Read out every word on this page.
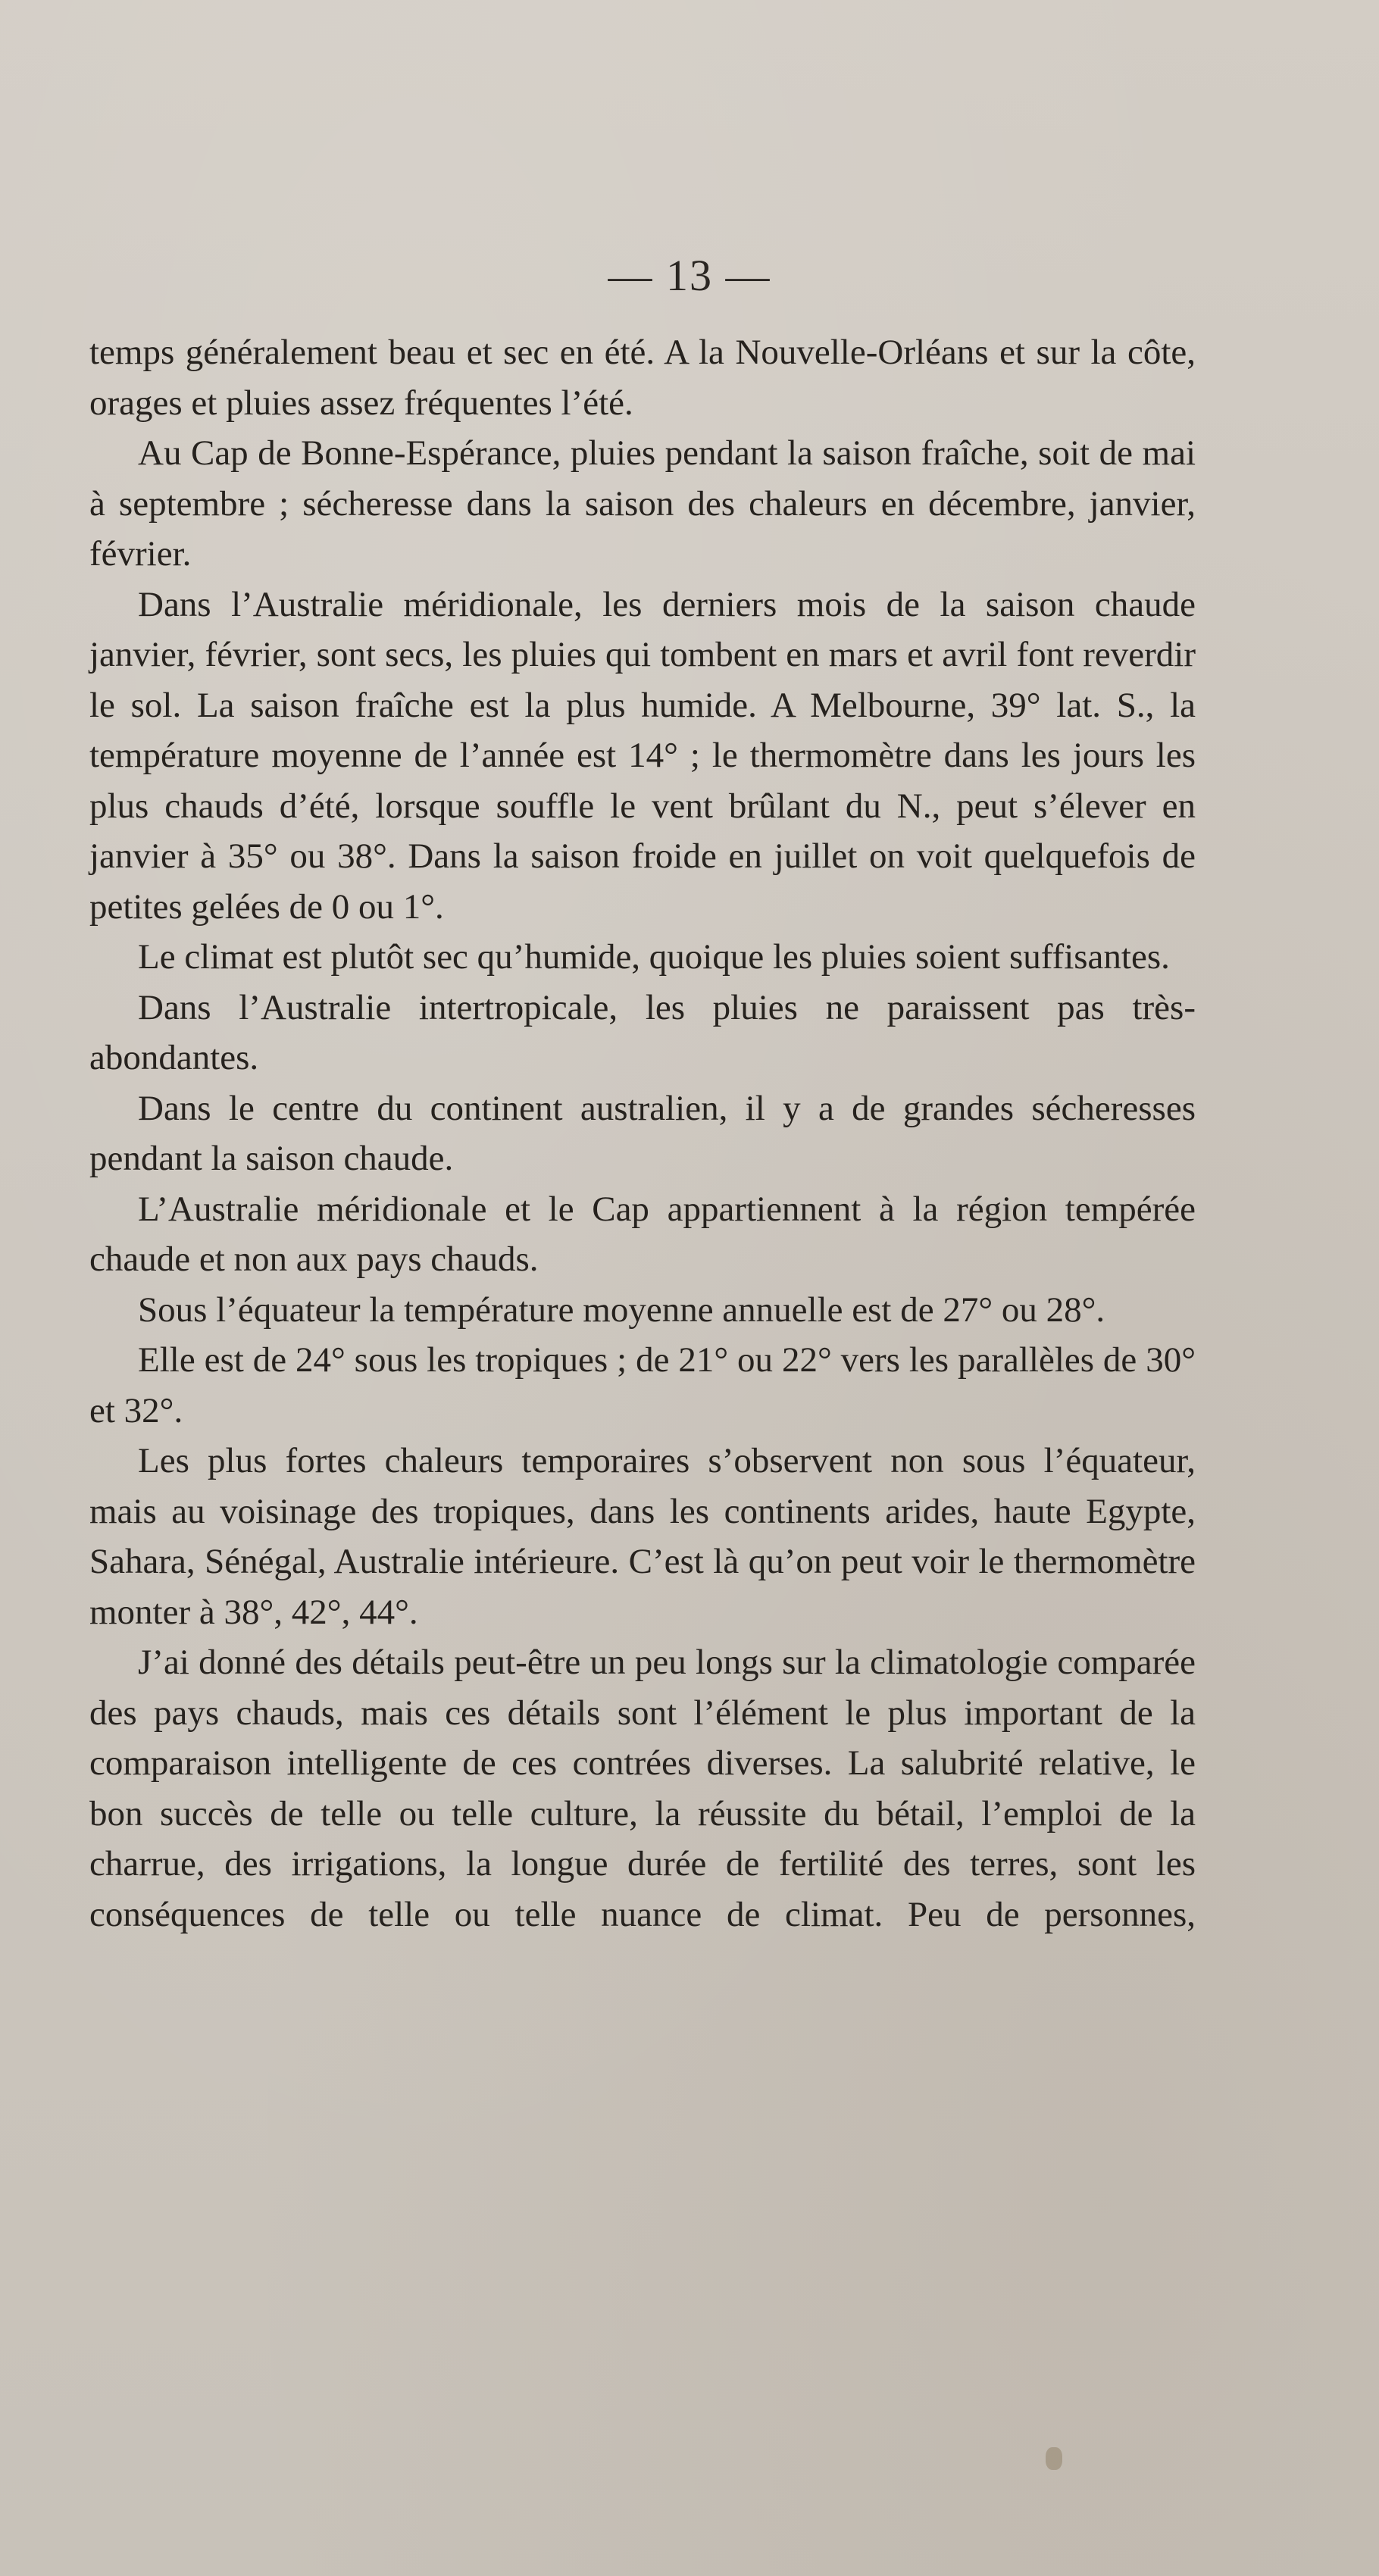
— 13 —

temps généralement beau et sec en été. A la Nouvelle-Orléans et sur la côte, orages et pluies assez fréquentes l’été.

Au Cap de Bonne-Espérance, pluies pendant la saison fraîche, soit de mai à septembre ; sécheresse dans la saison des chaleurs en décembre, janvier, février.

Dans l’Australie méridionale, les derniers mois de la saison chaude janvier, février, sont secs, les pluies qui tombent en mars et avril font reverdir le sol. La saison fraîche est la plus humide. A Melbourne, 39° lat. S., la température moyenne de l’année est 14° ; le thermomètre dans les jours les plus chauds d’été, lorsque souffle le vent brûlant du N., peut s’élever en janvier à 35° ou 38°. Dans la saison froide en juillet on voit quelquefois de petites gelées de 0 ou 1°.

Le climat est plutôt sec qu’humide, quoique les pluies soient suffisantes.

Dans l’Australie intertropicale, les pluies ne paraissent pas très-abondantes.

Dans le centre du continent australien, il y a de grandes sécheresses pendant la saison chaude.

L’Australie méridionale et le Cap appartiennent à la région tempérée chaude et non aux pays chauds.

Sous l’équateur la température moyenne annuelle est de 27° ou 28°.

Elle est de 24° sous les tropiques ; de 21° ou 22° vers les parallèles de 30° et 32°.

Les plus fortes chaleurs temporaires s’observent non sous l’équateur, mais au voisinage des tropiques, dans les continents arides, haute Egypte, Sahara, Sénégal, Australie intérieure. C’est là qu’on peut voir le thermomètre monter à 38°, 42°, 44°.

J’ai donné des détails peut-être un peu longs sur la climatologie comparée des pays chauds, mais ces détails sont l’élément le plus important de la comparaison intelligente de ces contrées diverses. La salubrité relative, le bon succès de telle ou telle culture, la réussite du bétail, l’emploi de la charrue, des irrigations, la longue durée de fertilité des terres, sont les conséquences de telle ou telle nuance de climat. Peu de personnes,
